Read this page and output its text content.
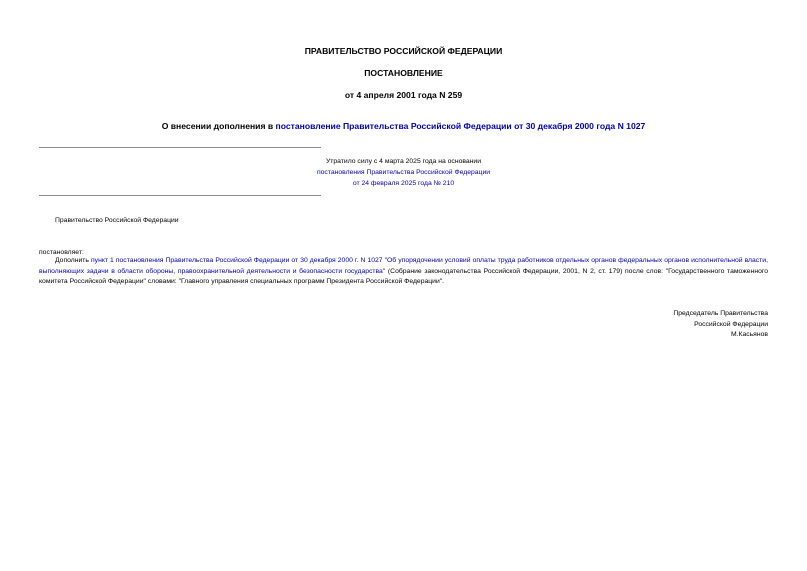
ПРАВИТЕЛЬСТВО РОССИЙСКОЙ ФЕДЕРАЦИИ
ПОСТАНОВЛЕНИЕ
от 4 апреля 2001 года N 259
О внесении дополнения в постановление Правительства Российской Федерации от 30 декабря 2000 года N 1027
Утратило силу с 4 марта 2025 года на основании
постановления Правительства Российской Федерации
от 24 февраля 2025 года № 210
Правительство Российской Федерации
постановляет:
Дополнить пункт 1 постановления Правительства Российской Федерации от 30 декабря 2000 г. N 1027 "Об упорядочении условий оплаты труда работников отдельных органов федеральных органов исполнительной власти, выполняющих задачи в области обороны, правоохранительной деятельности и безопасности государства" (Собрание законодательства Российской Федерации, 2001, N 2, ст. 179) после слов: "Государственного таможенного комитета Российской Федерации" словами: "Главного управления специальных программ Президента Российской Федерации".
Председатель Правительства
Российской Федерации
М.Касьянов
